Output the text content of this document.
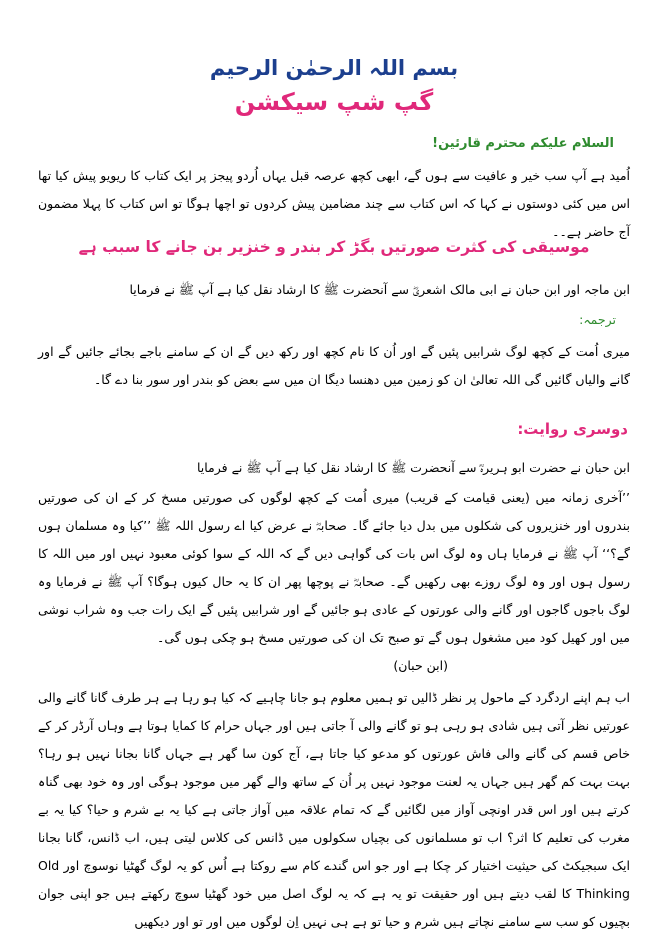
بسم اللہ الرحمٰن الرحیم
گپ شپ سیکشن
السلام علیکم محترم قارئین!
اُمید ہے آپ سب خیر و عافیت سے ہوں گے، ابھی کچھ عرصہ قبل یہاں اُردو پیجز پر ایک کتاب کا ریویو پیش کیا تھا اس میں کئی دوستوں نے کہا کہ اس کتاب سے چند مضامین پیش کردوں تو اچھا ہوگا تو اس کتاب کا پہلا مضمون آج حاضر ہے۔۔
موسیقی کی کثرت صورتیں بگڑ کر بندر و خنزیر بن جانے کا سبب ہے
ابن ماجہ اور ابن حبان نے ابی مالک اشعریؓ سے آنحضرت ﷺ کا ارشاد نقل کیا ہے آپ ﷺ نے فرمایا
ترجمہ:
میری اُمت کے کچھ لوگ شرابیں پئیں گے اور اُن کا نام کچھ اور رکھ دیں گے ان کے سامنے باجے بجائے جائیں گے اور گانے والیاں گائیں گی اللہ تعالیٰ ان کو زمین میں دھنسا دیگا ان میں سے بعض کو بندر اور سور بنا دے گا۔
دوسری روایت:
ابن حبان نے حضرت ابو ہریرہؓ سے آنحضرت ﷺ کا ارشاد نقل کیا ہے آپ ﷺ نے فرمایا
’’آخری زمانہ میں (یعنی قیامت کے قریب) میری اُمت کے کچھ لوگوں کی صورتیں مسخ کر کے ان کی صورتیں بندروں اور خنزیروں کی شکلوں میں بدل دیا جائے گا۔ صحابہؓ نے عرض کیا اے رسول اللہ ﷺ ’’کیا وہ مسلمان ہوں گے؟‘‘ آپ ﷺ نے فرمایا ہاں وہ لوگ اس بات کی گواہی دیں گے کہ اللہ کے سوا کوئی معبود نہیں اور میں اللہ کا رسول ہوں اور وہ لوگ روزے بھی رکھیں گے۔ صحابہؓ نے پوچھا پھر ان کا یہ حال کیوں ہوگا؟ آپ ﷺ نے فرمایا وہ لوگ باجوں گاجوں اور گانے والی عورتوں کے عادی ہو جائیں گے اور شرابیں پئیں گے ایک رات جب وہ شراب نوشی میں اور کھیل کود میں مشغول ہوں گے تو صبح تک ان کی صورتیں مسخ ہو چکی ہوں گی۔
(ابن حبان)
اب ہم اپنے اردگرد کے ماحول پر نظر ڈالیں تو ہمیں معلوم ہو جانا چاہیے کہ کیا ہو رہا ہے ہر طرف گانا گانے والی عورتیں نظر آتی ہیں شادی ہو رہی ہو تو گانے والی آ جاتی ہیں اور جہاں حرام کا کمایا ہوتا ہے وہاں آرڈر کر کے خاص قسم کی گانے والی فاش عورتوں کو مدعو کیا جاتا ہے، آج کون سا گھر ہے جہاں گانا بجانا نہیں ہو رہا؟ بہت بہت کم گھر ہیں جہاں یہ لعنت موجود نہیں پر اُن کے ساتھ والے گھر میں موجود ہوگی اور وہ خود بھی گناہ کرتے ہیں اور اس قدر اونچی آواز میں لگائیں گے کہ تمام علاقہ میں آواز جاتی ہے کیا یہ بے شرم و حیا؟ کیا یہ بے مغرب کی تعلیم کا اثر؟ اب تو مسلمانوں کی بچیاں سکولوں میں ڈانس کی کلاس لیتی ہیں، اب ڈانس، گانا بجانا ایک سبجیکٹ کی حیثیت اختیار کر چکا ہے اور جو اس گندے کام سے روکتا ہے اُس کو یہ لوگ گھٹیا نوسوچ اور Old Thinking کا لقب دیتے ہیں اور حقیقت تو یہ ہے کہ یہ لوگ اصل میں خود گھٹیا سوچ رکھتے ہیں جو اپنی جوان بچیوں کو سب سے سامنے نچاتے ہیں شرم و حیا تو ہے ہی نہیں اِن لوگوں میں اور تو اور دیکھیں
